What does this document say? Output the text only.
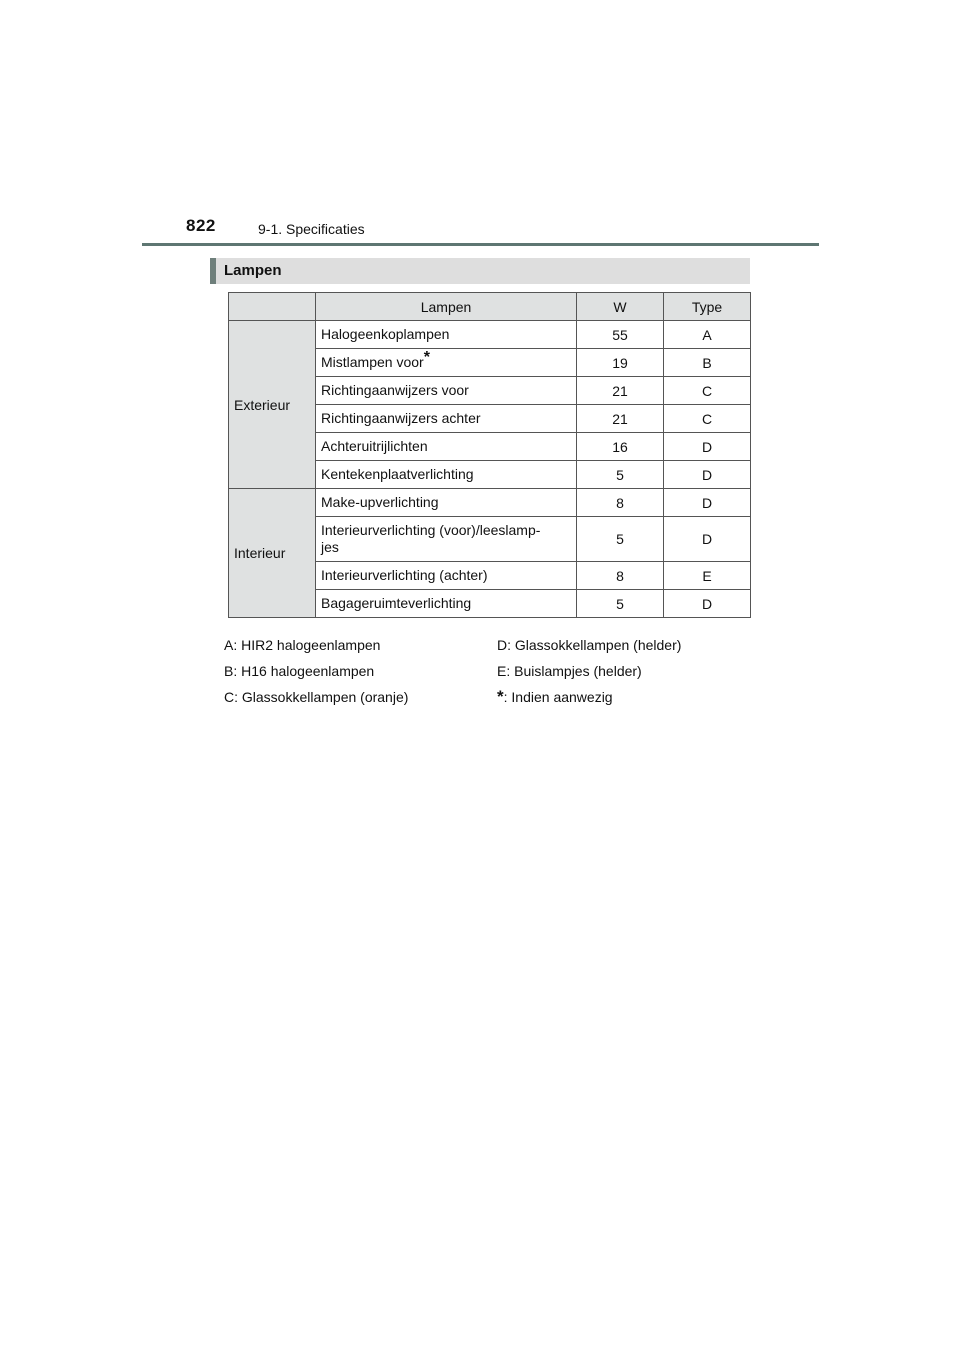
822	9-1. Specificaties
Lampen
	Lampen	W	Type
Exterieur	Halogeenkoplampen	55	A
	Mistlampen voor*	19	B
	Richtingaanwijzers voor	21	C
	Richtingaanwijzers achter	21	C
	Achteruitrijlichten	16	D
	Kentekenplaatverlichting	5	D
Interieur	Make-upverlichting	8	D
	Interieurverlichting (voor)/leeslamp-
jes	5	D
	Interieurverlichting (achter)	8	E
	Bagageruimteverlichting	5	D
A: HIR2 halogeenlampen
B: H16 halogeenlampen
C: Glassokkellampen (oranje)
D: Glassokkellampen (helder)
E: Buislampjes (helder)
*: Indien aanwezig
